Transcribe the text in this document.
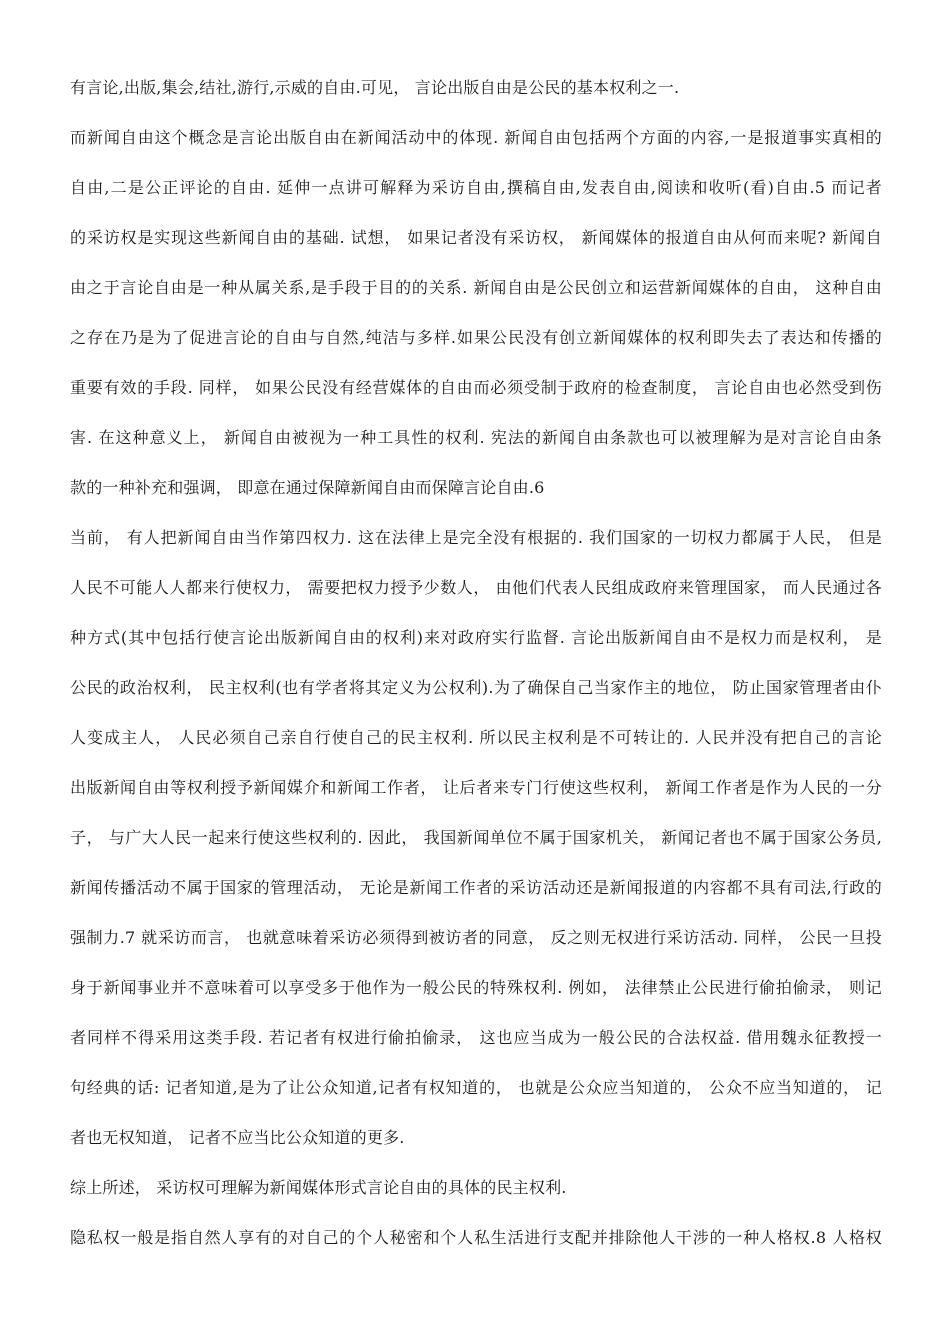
有言论,出版,集会,结社,游行,示威的自由.可见， 言论出版自由是公民的基本权利之一.
而新闻自由这个概念是言论出版自由在新闻活动中的体现. 新闻自由包括两个方面的内容,一是报道事实真相的
自由,二是公正评论的自由. 延伸一点讲可解释为采访自由,撰稿自由,发表自由,阅读和收听(看)自由.5 而记者
的采访权是实现这些新闻自由的基础. 试想， 如果记者没有采访权， 新闻媒体的报道自由从何而来呢? 新闻自
由之于言论自由是一种从属关系,是手段于目的的关系. 新闻自由是公民创立和运营新闻媒体的自由， 这种自由
之存在乃是为了促进言论的自由与自然,纯洁与多样.如果公民没有创立新闻媒体的权利即失去了表达和传播的
重要有效的手段. 同样， 如果公民没有经营媒体的自由而必须受制于政府的检查制度， 言论自由也必然受到伤
害. 在这种意义上， 新闻自由被视为一种工具性的权利. 宪法的新闻自由条款也可以被理解为是对言论自由条
款的一种补充和强调， 即意在通过保障新闻自由而保障言论自由.6
当前， 有人把新闻自由当作第四权力. 这在法律上是完全没有根据的. 我们国家的一切权力都属于人民， 但是
人民不可能人人都来行使权力， 需要把权力授予少数人， 由他们代表人民组成政府来管理国家， 而人民通过各
种方式(其中包括行使言论出版新闻自由的权利)来对政府实行监督. 言论出版新闻自由不是权力而是权利， 是
公民的政治权利， 民主权利(也有学者将其定义为公权利).为了确保自己当家作主的地位， 防止国家管理者由仆
人变成主人， 人民必须自己亲自行使自己的民主权利. 所以民主权利是不可转让的. 人民并没有把自己的言论
出版新闻自由等权利授予新闻媒介和新闻工作者， 让后者来专门行使这些权利， 新闻工作者是作为人民的一分
子， 与广大人民一起来行使这些权利的. 因此， 我国新闻单位不属于国家机关， 新闻记者也不属于国家公务员,
新闻传播活动不属于国家的管理活动， 无论是新闻工作者的采访活动还是新闻报道的内容都不具有司法,行政的
强制力.7 就采访而言， 也就意味着采访必须得到被访者的同意， 反之则无权进行采访活动. 同样， 公民一旦投
身于新闻事业并不意味着可以享受多于他作为一般公民的特殊权利. 例如， 法律禁止公民进行偷拍偷录， 则记
者同样不得采用这类手段. 若记者有权进行偷拍偷录， 这也应当成为一般公民的合法权益. 借用魏永征教授一
句经典的话: 记者知道,是为了让公众知道,记者有权知道的， 也就是公众应当知道的， 公众不应当知道的， 记
者也无权知道， 记者不应当比公众知道的更多.
综上所述， 采访权可理解为新闻媒体形式言论自由的具体的民主权利.
隐私权一般是指自然人享有的对自己的个人秘密和个人私生活进行支配并排除他人干涉的一种人格权.8 人格权
